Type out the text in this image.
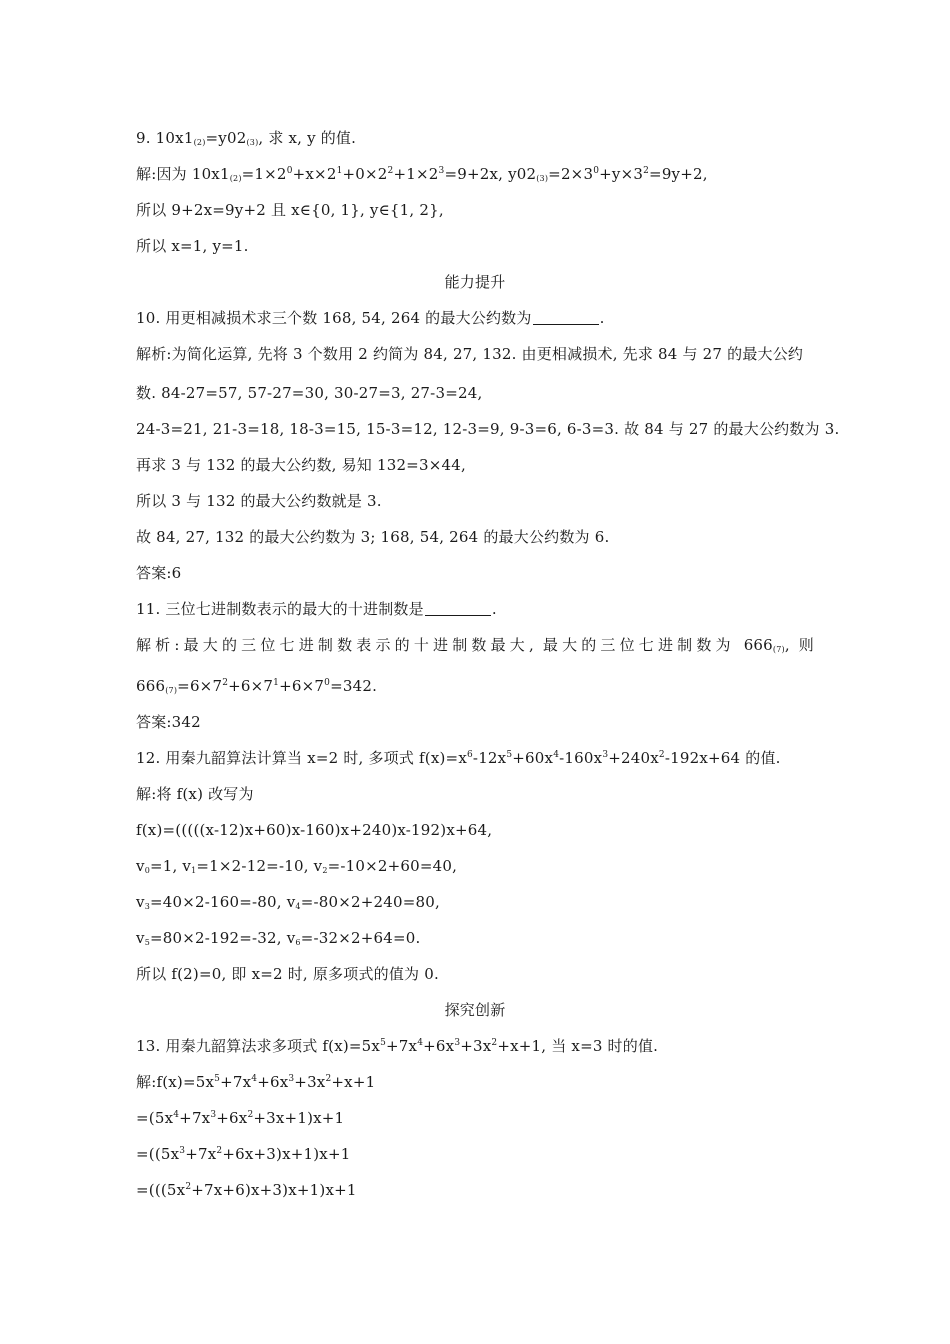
9. $10x1_{(2)}=y02_{(3)}$, 求 x, y 的值.
解:因为 $10x1_{(2)}=1\times 2^0+x\times 2^1+0\times 2^2+1\times 2^3=9+2x$, $y02_{(3)}=2\times 3^0+y\times 3^2=9y+2$,
所以 9+2x=9y+2 且 x∈{0, 1}, y∈{1, 2},
所以 x=1, y=1.
能力提升
10. 用更相减损术求三个数 168, 54, 264 的最大公约数为	.
解析:为简化运算, 先将 3 个数用 2 约简为 84, 27, 132. 由更相减损术, 先求 84 与 27 的最大公约
数. 84-27=57, 57-27=30, 30-27=3, 27-3=24,
24-3=21, 21-3=18, 18-3=15, 15-3=12, 12-3=9, 9-3=6, 6-3=3. 故 84 与 27 的最大公约数为 3.
再求 3 与 132 的最大公约数, 易知 132=3×44,
所以 3 与 132 的最大公约数就是 3.
故 84, 27, 132 的最大公约数为 3; 168, 54, 264 的最大公约数为 6.
答案:6
11. 三位七进制数表示的最大的十进制数是	.
解析:最大的三位七进制数表示的十进制数最大, 最大的三位七进制数为 $666_{(7)}$, 则
$666_{(7)}=6\times 7^2+6\times 7^1+6\times 7^0=342$.
答案:342
12. 用秦九韶算法计算当 x=2 时, 多项式 $f(x)=x^6-12x^5+60x^4-160x^3+240x^2-192x+64$ 的值.
解:将 f(x) 改写为
f(x)=(((((x-12)x+60)x-160)x+240)x-192)x+64,
$v_0=1$, $v_1=1\times 2-12=-10$, $v_2=-10\times 2+60=40$,
$v_3=40\times 2-160=-80$, $v_4=-80\times 2+240=80$,
$v_5=80\times 2-192=-32$, $v_6=-32\times 2+64=0$.
所以 f(2)=0, 即 x=2 时, 原多项式的值为 0.
探究创新
13. 用秦九韶算法求多项式 $f(x)=5x^5+7x^4+6x^3+3x^2+x+1$, 当 x=3 时的值.
解$:f(x)=5x^5+7x^4+6x^3+3x^2+x+1$
$=(5x^4+7x^3+6x^2+3x+1)x+1$
$=((5x^3+7x^2+6x+3)x+1)x+1$
$=(((5x^2+7x+6)x+3)x+1)x+1$
